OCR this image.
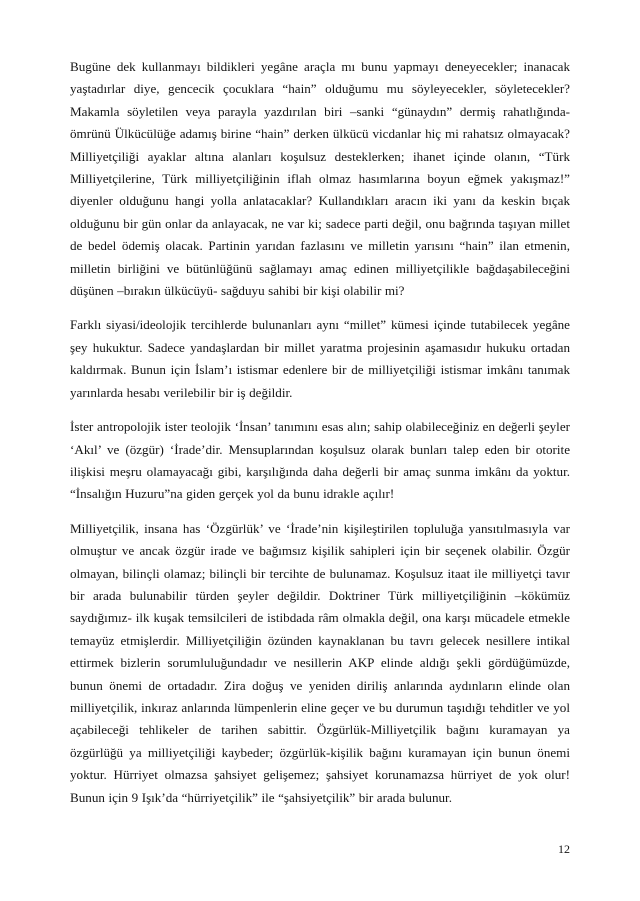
Bugüne dek kullanmayı bildikleri yegâne araçla mı bunu yapmayı deneyecekler; inanacak yaştadırlar diye, gencecik çocuklara “hain” olduğumu mu söyleyecekler, söyletecekler? Makamla söyletilen veya parayla yazdırılan biri –sanki “günaydın” dermiş rahatlığında- ömrünü Ülkücülüğe adamış birine “hain” derken ülkücü vicdanlar hiç mi rahatsız olmayacak? Milliyetçiliği ayaklar altına alanları koşulsuz desteklerken; ihanet içinde olanın, “Türk Milliyetçilerine, Türk milliyetçiliğinin iflah olmaz hasımlarına boyun eğmek yakışmaz!” diyenler olduğunu hangi yolla anlatacaklar? Kullandıkları aracın iki yanı da keskin bıçak olduğunu bir gün onlar da anlayacak, ne var ki; sadece parti değil, onu bağrında taşıyan millet de bedel ödemiş olacak. Partinin yarıdan fazlasını ve milletin yarısını “hain” ilan etmenin, milletin birliğini ve bütünlüğünü sağlamayı amaç edinen milliyetçilikle bağdaşabileceğini düşünen –bırakın ülkücüyü- sağduyu sahibi bir kişi olabilir mi?

Farklı siyasi/ideolojik tercihlerde bulunanları aynı “millet” kümesi içinde tutabilecek yegâne şey hukuktur. Sadece yandaşlardan bir millet yaratma projesinin aşamasıdır hukuku ortadan kaldırmak. Bunun için İslam’ı istismar edenlere bir de milliyetçiliği istismar imkânı tanımak yarınlarda hesabı verilebilir bir iş değildir.

İster antropolojik ister teolojik ‘İnsan’ tanımını esas alın; sahip olabileceğiniz en değerli şeyler ‘Akıl’ ve (özgür) ‘İrade’dir. Mensuplarından koşulsuz olarak bunları talep eden bir otorite ilişkisi meşru olamayacağı gibi, karşılığında daha değerli bir amaç sunma imkânı da yoktur. “İnsalığın Huzuru”na giden gerçek yol da bunu idrakle açılır!

Milliyetçilik, insana has ‘Özgürlük’ ve ‘İrade’nin kişileştirilen topluluğa yansıtılmasıyla var olmuştur ve ancak özgür irade ve bağımsız kişilik sahipleri için bir seçenek olabilir. Özgür olmayan, bilinçli olamaz; bilinçli bir tercihte de bulunamaz. Koşulsuz itaat ile milliyetçi tavır bir arada bulunabilir türden şeyler değildir. Doktriner Türk milliyetçiliğinin –kökümüz saydığımız- ilk kuşak temsilcileri de istibdada râm olmakla değil, ona karşı mücadele etmekle temayüz etmişlerdir. Milliyetçiliğin özünden kaynaklanan bu tavrı gelecek nesillere intikal ettirmek bizlerin sorumluluğundadır ve nesillerin AKP elinde aldığı şekli gördüğümüzde, bunun önemi de ortadadır. Zira doğuş ve yeniden diriliş anlarında aydınların elinde olan milliyetçilik, inkıraz anlarında lümpenlerin eline geçer ve bu durumun taşıdığı tehditler ve yol açabileceği tehlikeler de tarihen sabittir. Özgürlük-Milliyetçilik bağını kuramayan ya özgürlüğü ya milliyetçiliği kaybeder; özgürlük-kişilik bağını kuramayan için bunun önemi yoktur. Hürriyet olmazsa şahsiyet gelişemez; şahsiyet korunamazsa hürriyet de yok olur! Bunun için 9 Işık’da “hürriyetçilik” ile “şahsiyetçilik” bir arada bulunur.

12
